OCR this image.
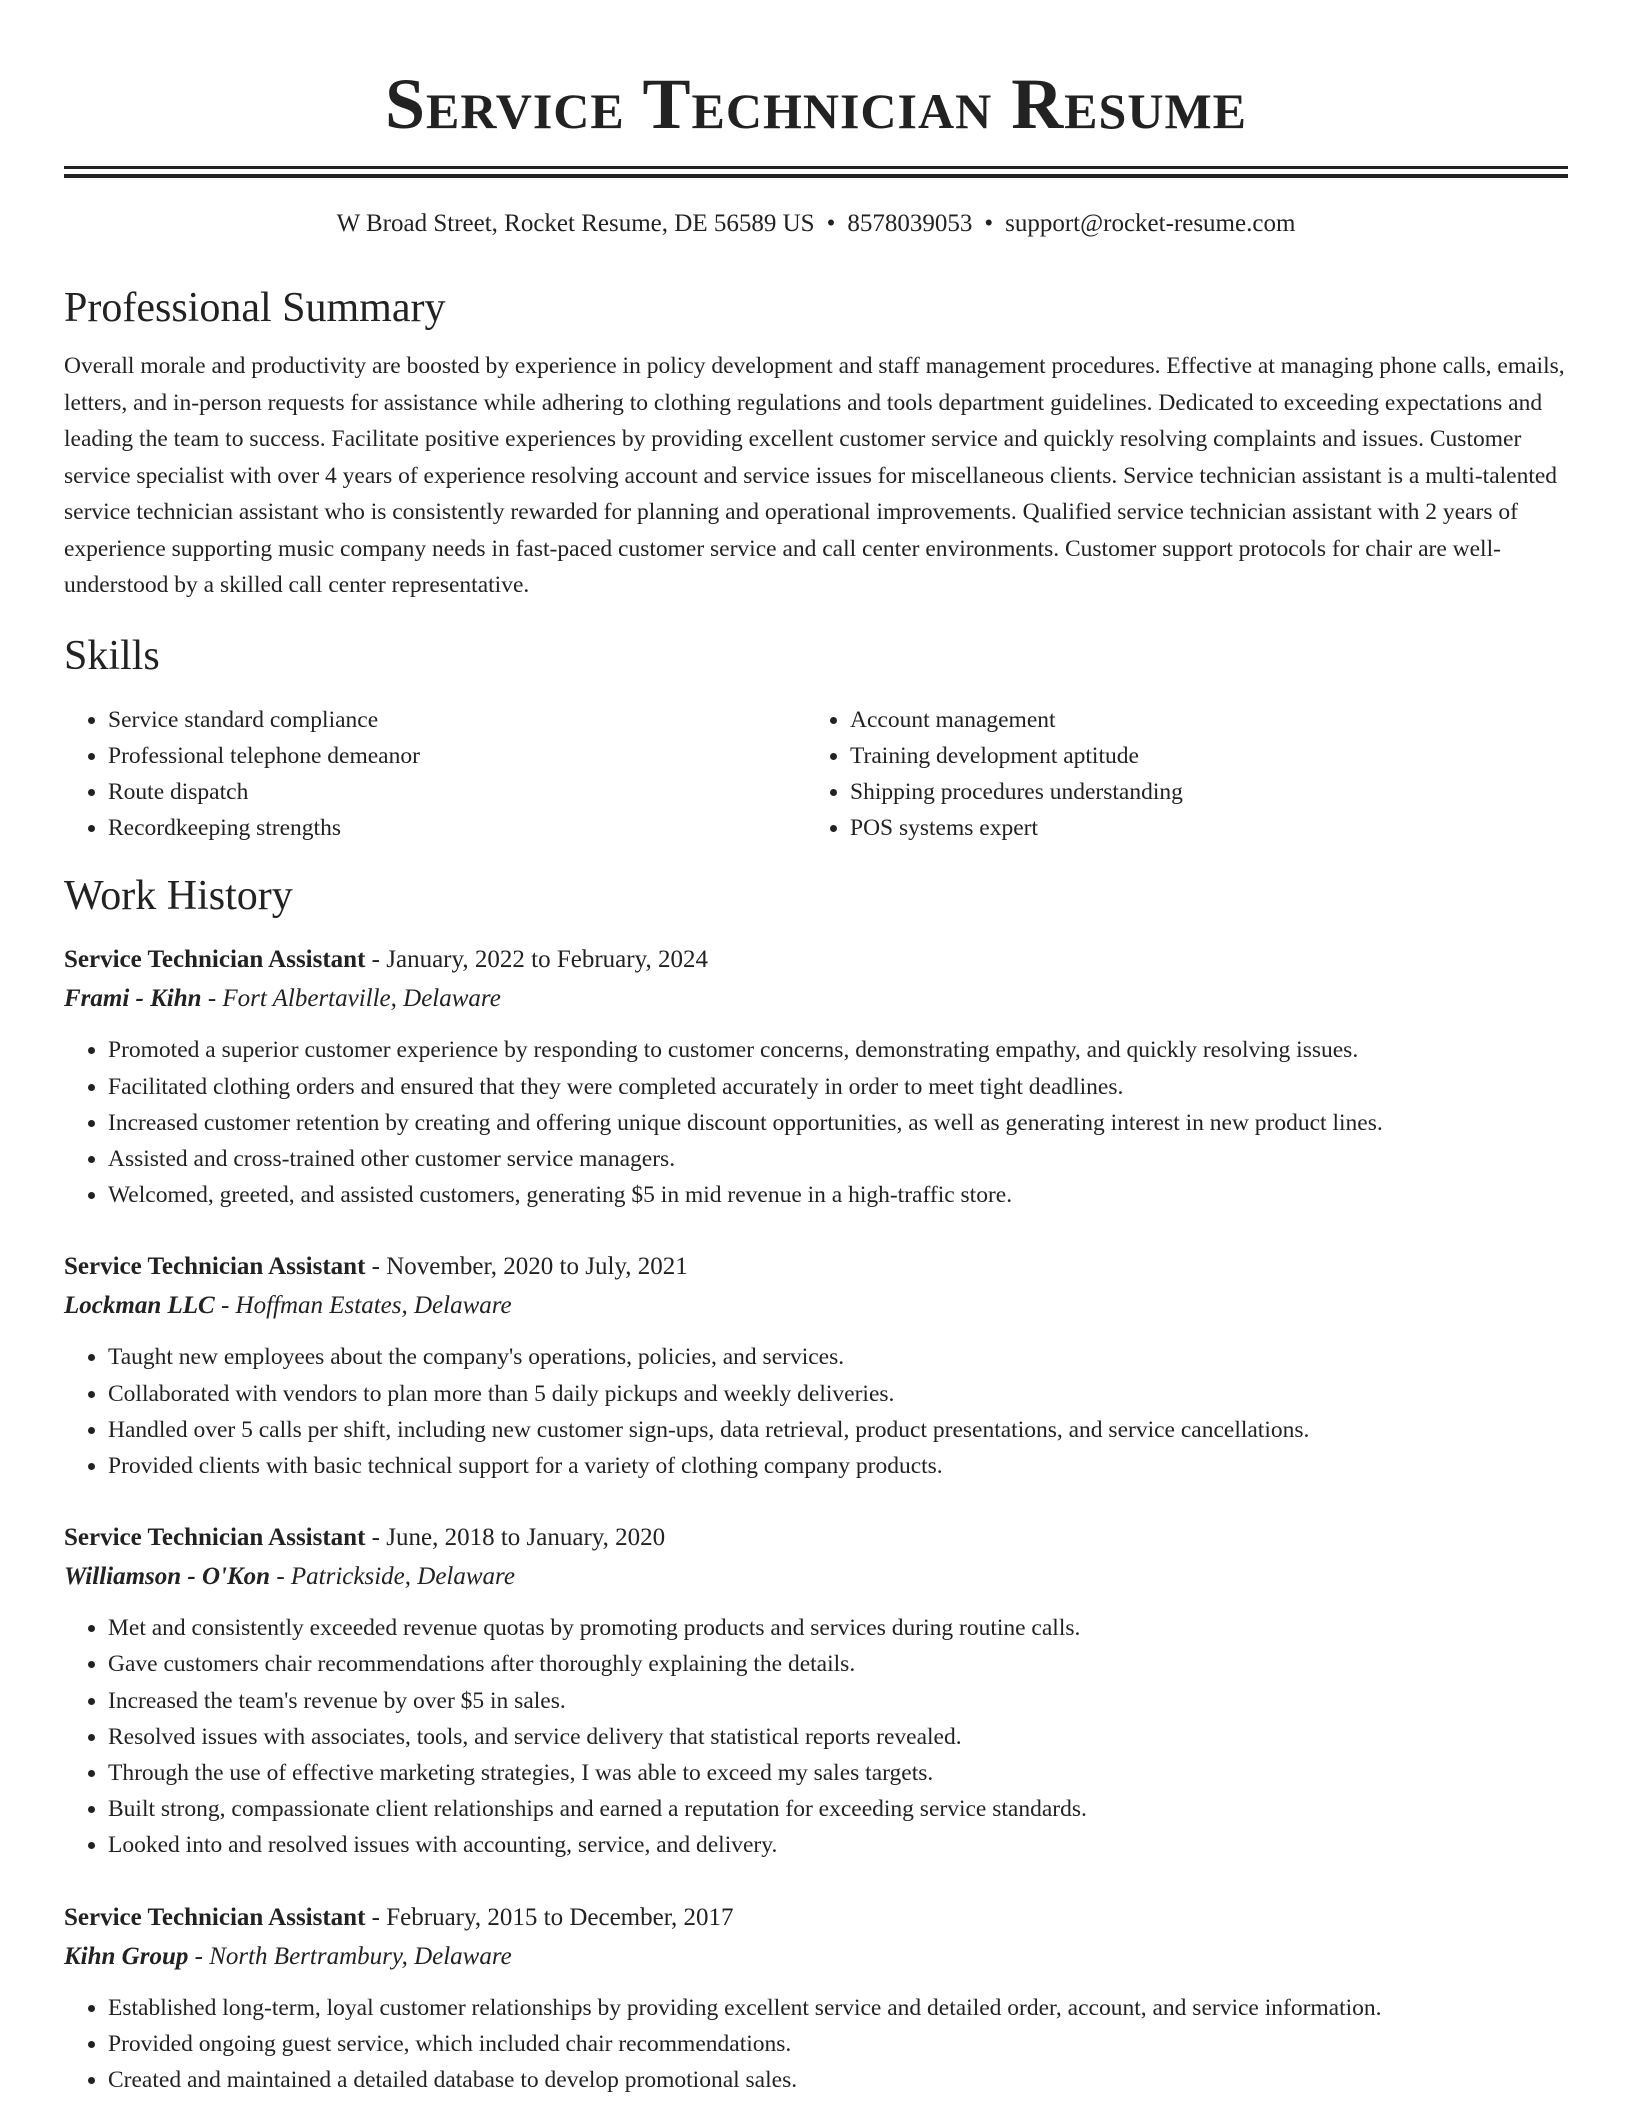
Service Technician Resume
W Broad Street, Rocket Resume, DE 56589 US • 8578039053 • support@rocket-resume.com
Professional Summary

Overall morale and productivity are boosted by experience in policy development and staff management procedures. Effective at managing phone calls, emails, letters, and in-person requests for assistance while adhering to clothing regulations and tools department guidelines. Dedicated to exceeding expectations and leading the team to success. Facilitate positive experiences by providing excellent customer service and quickly resolving complaints and issues. Customer service specialist with over 4 years of experience resolving account and service issues for miscellaneous clients. Service technician assistant is a multi-talented service technician assistant who is consistently rewarded for planning and operational improvements. Qualified service technician assistant with 2 years of experience supporting music company needs in fast-paced customer service and call center environments. Customer support protocols for chair are well-understood by a skilled call center representative.

Skills
• Service standard compliance
• Professional telephone demeanor
• Route dispatch
• Recordkeeping strengths
• Account management
• Training development aptitude
• Shipping procedures understanding
• POS systems expert
Work History
Service Technician Assistant - January, 2022 to February, 2024
Frami - Kihn - Fort Albertaville, Delaware
• Promoted a superior customer experience by responding to customer concerns, demonstrating empathy, and quickly resolving issues.
• Facilitated clothing orders and ensured that they were completed accurately in order to meet tight deadlines.
• Increased customer retention by creating and offering unique discount opportunities, as well as generating interest in new product lines.
• Assisted and cross-trained other customer service managers.
• Welcomed, greeted, and assisted customers, generating $5 in mid revenue in a high-traffic store.
Service Technician Assistant - November, 2020 to July, 2021
Lockman LLC - Hoffman Estates, Delaware
• Taught new employees about the company's operations, policies, and services.
• Collaborated with vendors to plan more than 5 daily pickups and weekly deliveries.
• Handled over 5 calls per shift, including new customer sign-ups, data retrieval, product presentations, and service cancellations.
• Provided clients with basic technical support for a variety of clothing company products.
Service Technician Assistant - June, 2018 to January, 2020
Williamson - O'Kon - Patrickside, Delaware
• Met and consistently exceeded revenue quotas by promoting products and services during routine calls.
• Gave customers chair recommendations after thoroughly explaining the details.
• Increased the team's revenue by over $5 in sales.
• Resolved issues with associates, tools, and service delivery that statistical reports revealed.
• Through the use of effective marketing strategies, I was able to exceed my sales targets.
• Built strong, compassionate client relationships and earned a reputation for exceeding service standards.
• Looked into and resolved issues with accounting, service, and delivery.
Service Technician Assistant - February, 2015 to December, 2017
Kihn Group - North Bertrambury, Delaware
• Established long-term, loyal customer relationships by providing excellent service and detailed order, account, and service information.
• Provided ongoing guest service, which included chair recommendations.
• Created and maintained a detailed database to develop promotional sales.
